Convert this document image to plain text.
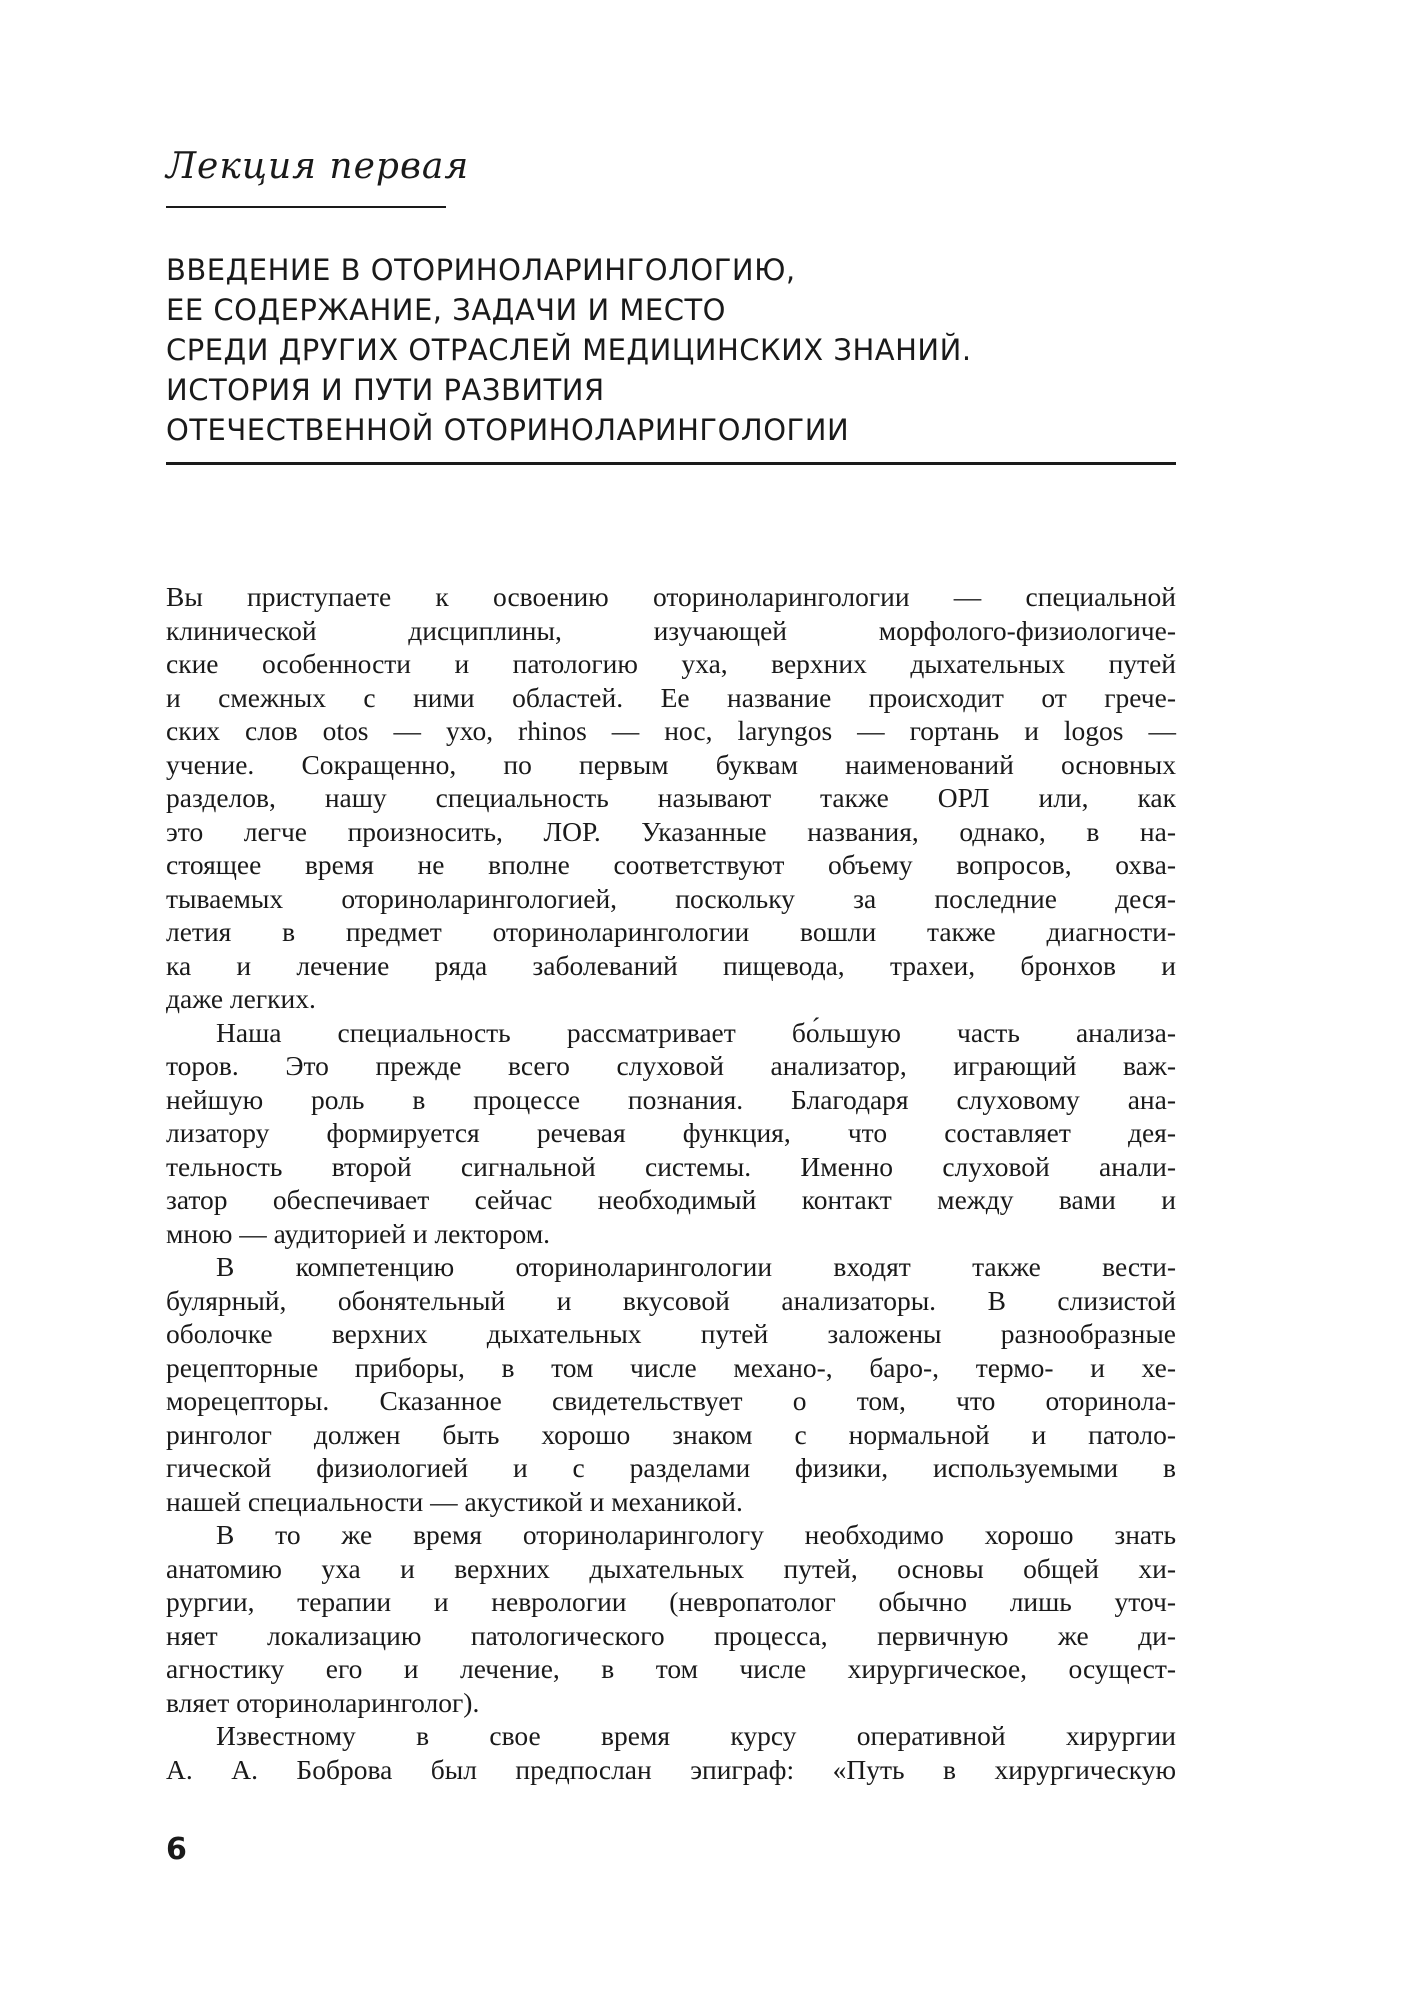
Лекция первая
ВВЕДЕНИЕ В ОТОРИНОЛАРИНГОЛОГИЮ,
ЕЕ СОДЕРЖАНИЕ, ЗАДАЧИ И МЕСТО
СРЕДИ ДРУГИХ ОТРАСЛЕЙ МЕДИЦИНСКИХ ЗНАНИЙ.
ИСТОРИЯ И ПУТИ РАЗВИТИЯ
ОТЕЧЕСТВЕННОЙ ОТОРИНОЛАРИНГОЛОГИИ
Вы приступаете к освоению оториноларингологии — специальной
клинической дисциплины, изучающей морфолого-физиологиче-
ские особенности и патологию уха, верхних дыхательных путей
и смежных с ними областей. Ее название происходит от грече-
ских слов otos — ухо, rhinos — нос, laryngos — гортань и logos —
учение. Сокращенно, по первым буквам наименований основных
разделов, нашу специальность называют также ОРЛ или, как
это легче произносить, ЛОР. Указанные названия, однако, в на-
стоящее время не вполне соответствуют объему вопросов, охва-
тываемых оториноларингологией, поскольку за последние деся-
летия в предмет оториноларингологии вошли также диагности-
ка и лечение ряда заболеваний пищевода, трахеи, бронхов и
даже легких.
Наша специальность рассматривает бо́льшую часть анализа-
торов. Это прежде всего слуховой анализатор, играющий важ-
нейшую роль в процессе познания. Благодаря слуховому ана-
лизатору формируется речевая функция, что составляет дея-
тельность второй сигнальной системы. Именно слуховой анали-
затор обеспечивает сейчас необходимый контакт между вами и
мною — аудиторией и лектором.
В компетенцию оториноларингологии входят также вести-
булярный, обонятельный и вкусовой анализаторы. В слизистой
оболочке верхних дыхательных путей заложены разнообразные
рецепторные приборы, в том числе механо-, баро-, термо- и хе-
морецепторы. Сказанное свидетельствует о том, что оторинола-
ринголог должен быть хорошо знаком с нормальной и патоло-
гической физиологией и с разделами физики, используемыми в
нашей специальности — акустикой и механикой.
В то же время оториноларингологу необходимо хорошо знать
анатомию уха и верхних дыхательных путей, основы общей хи-
рургии, терапии и неврологии (невропатолог обычно лишь уточ-
няет локализацию патологического процесса, первичную же ди-
агностику его и лечение, в том числе хирургическое, осущест-
вляет оториноларинголог).
Известному в свое время курсу оперативной хирургии
А. А. Боброва был предпослан эпиграф: «Путь в хирургическую
6
